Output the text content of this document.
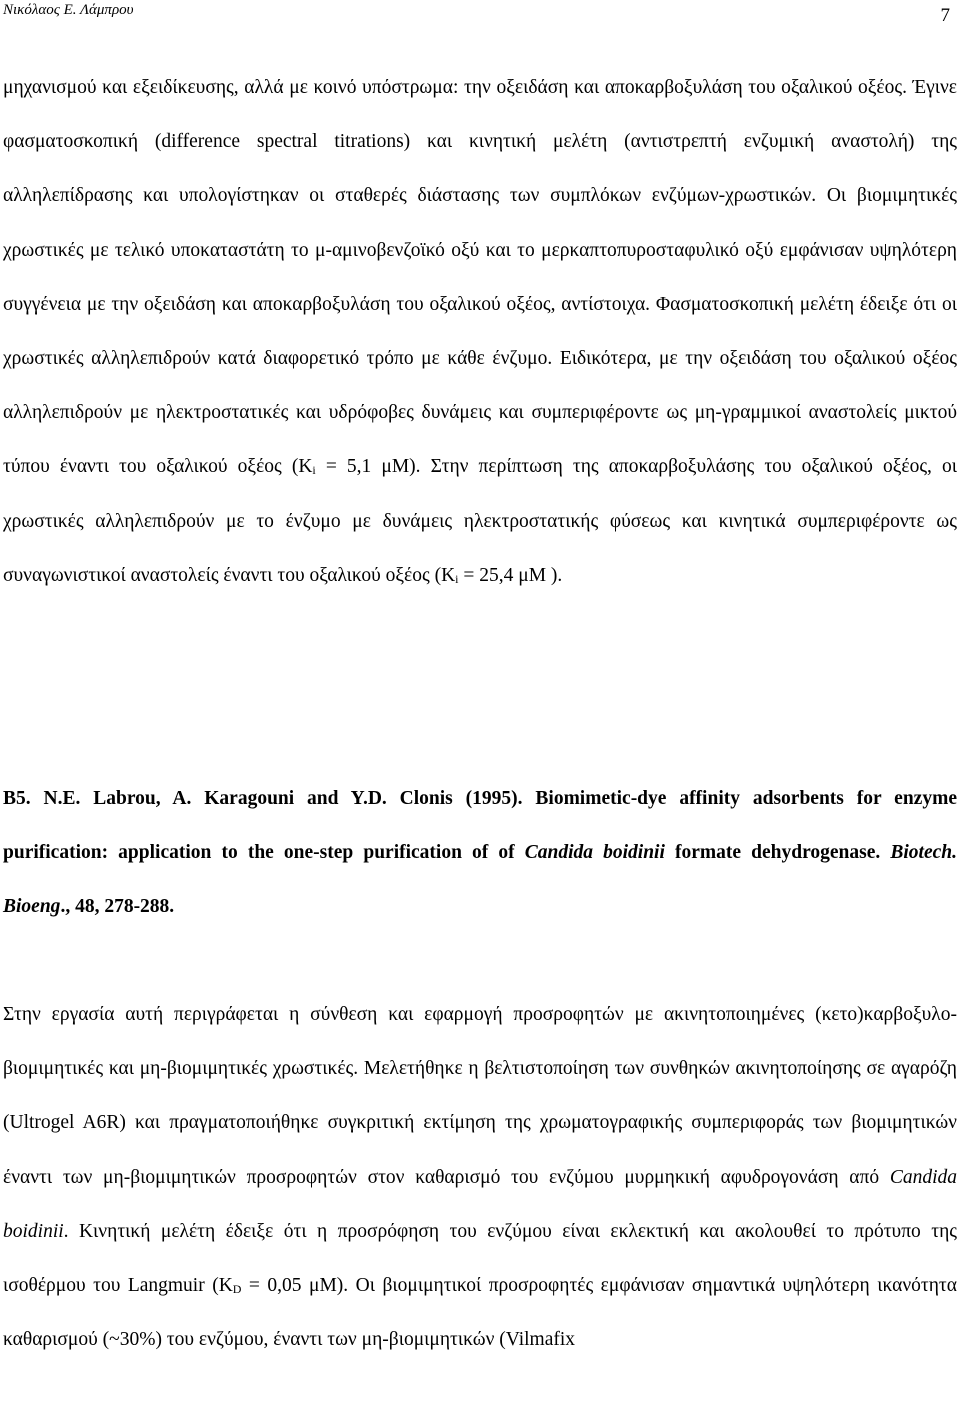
Νικόλαος Ε. Λάμπρου	7

μηχανισμού και εξειδίκευσης, αλλά με κοινό υπόστρωμα: την οξειδάση και αποκαρβοξυλάση του οξαλικού οξέος. Έγινε φασματοσκοπική (difference spectral titrations) και κινητική μελέτη (αντιστρεπτή ενζυμική αναστολή) της αλληλεπίδρασης και υπολογίστηκαν οι σταθερές διάστασης των συμπλόκων ενζύμων-χρωστικών. Οι βιομιμητικές χρωστικές με τελικό υποκαταστάτη το μ-αμινοβενζοϊκό οξύ και το μερκαπτοπυροσταφυλικό οξύ εμφάνισαν υψηλότερη συγγένεια με την οξειδάση και αποκαρβοξυλάση του οξαλικού οξέος, αντίστοιχα. Φασματοσκοπική μελέτη έδειξε ότι οι χρωστικές αλληλεπιδρούν κατά διαφορετικό τρόπο με κάθε ένζυμο. Ειδικότερα, με την οξειδάση του οξαλικού οξέος αλληλεπιδρούν με ηλεκτροστατικές και υδρόφοβες δυνάμεις και συμπεριφέροντε ως μη-γραμμικοί αναστολείς μικτού τύπου έναντι του οξαλικού οξέος ($K_i = 5,1$ μM). Στην περίπτωση της αποκαρβοξυλάσης του οξαλικού οξέος, οι χρωστικές αλληλεπιδρούν με το ένζυμο με δυνάμεις ηλεκτροστατικής φύσεως και κινητικά συμπεριφέροντε ως συναγωνιστικοί αναστολείς έναντι του οξαλικού οξέος ($K_i = 25,4$ μM ).

B5. N.E. Labrou, A. Karagouni and Y.D. Clonis (1995). Biomimetic-dye affinity adsorbents for enzyme purification: application to the one-step purification of of Candida boidinii formate dehydrogenase. Biotech. Bioeng., 48, 278-288.

Στην εργασία αυτή περιγράφεται η σύνθεση και εφαρμογή προσροφητών με ακινητοποιημένες (κετο)καρβοξυλο-βιομιμητικές και μη-βιομιμητικές χρωστικές. Μελετήθηκε η βελτιστοποίηση των συνθηκών ακινητοποίησης σε αγαρόζη (Ultrogel A6R) και πραγματοποιήθηκε συγκριτική εκτίμηση της χρωματογραφικής συμπεριφοράς των βιομιμητικών έναντι των μη-βιομιμητικών προσροφητών στον καθαρισμό του ενζύμου μυρμηκική αφυδρογονάση από Candida boidinii. Κινητική μελέτη έδειξε ότι η προσρόφηση του ενζύμου είναι εκλεκτική και ακολουθεί το πρότυπο της ισοθέρμου του Langmuir ($K_D = 0,05$ μM). Οι βιομιμητικοί προσροφητές εμφάνισαν σημαντικά υψηλότερη ικανότητα καθαρισμού (~30%) του ενζύμου, έναντι των μη-βιομιμητικών (Vilmafix
